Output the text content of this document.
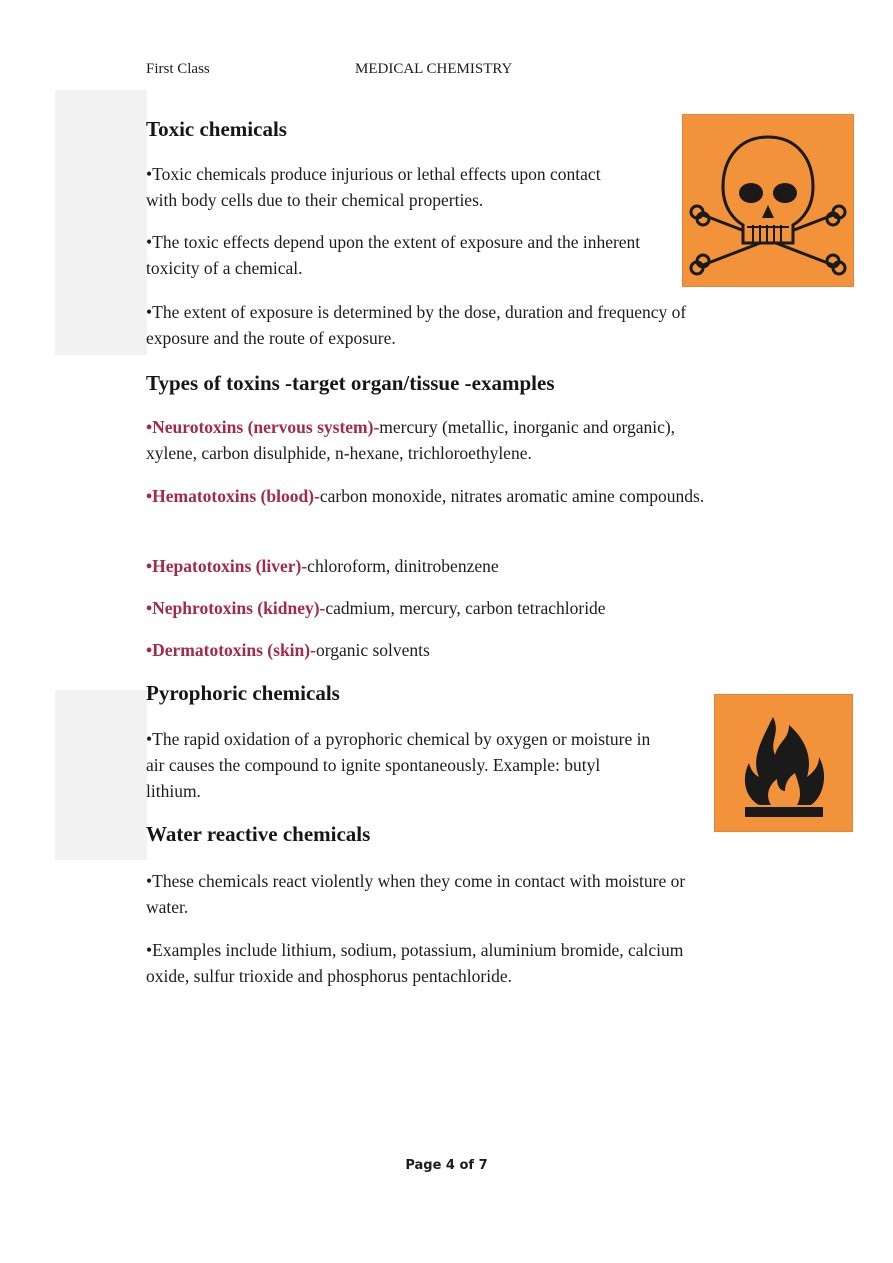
First Class	MEDICAL CHEMISTRY
Toxic chemicals

•Toxic chemicals produce injurious or lethal effects upon contact with body cells due to their chemical properties.

•The toxic effects depend upon the extent of exposure and the inherent toxicity of a chemical.

•The extent of exposure is determined by the dose, duration and frequency of exposure and the route of exposure.

Types of toxins -target organ/tissue -examples

•Neurotoxins (nervous system)-mercury (metallic, inorganic and organic), xylene, carbon disulphide, n-hexane, trichloroethylene.

•Hematotoxins (blood)-carbon monoxide, nitrates aromatic amine compounds.

•Hepatotoxins (liver)-chloroform, dinitrobenzene

•Nephrotoxins (kidney)-cadmium, mercury, carbon tetrachloride

•Dermatotoxins (skin)-organic solvents

Pyrophoric chemicals

•The rapid oxidation of a pyrophoric chemical by oxygen or moisture in air causes the compound to ignite spontaneously. Example: butyl lithium.

Water reactive chemicals

•These chemicals react violently when they come in contact with moisture or water.

•Examples include lithium, sodium, potassium, aluminium bromide, calcium oxide, sulfur trioxide and phosphorus pentachloride.

Page 4 of 7
